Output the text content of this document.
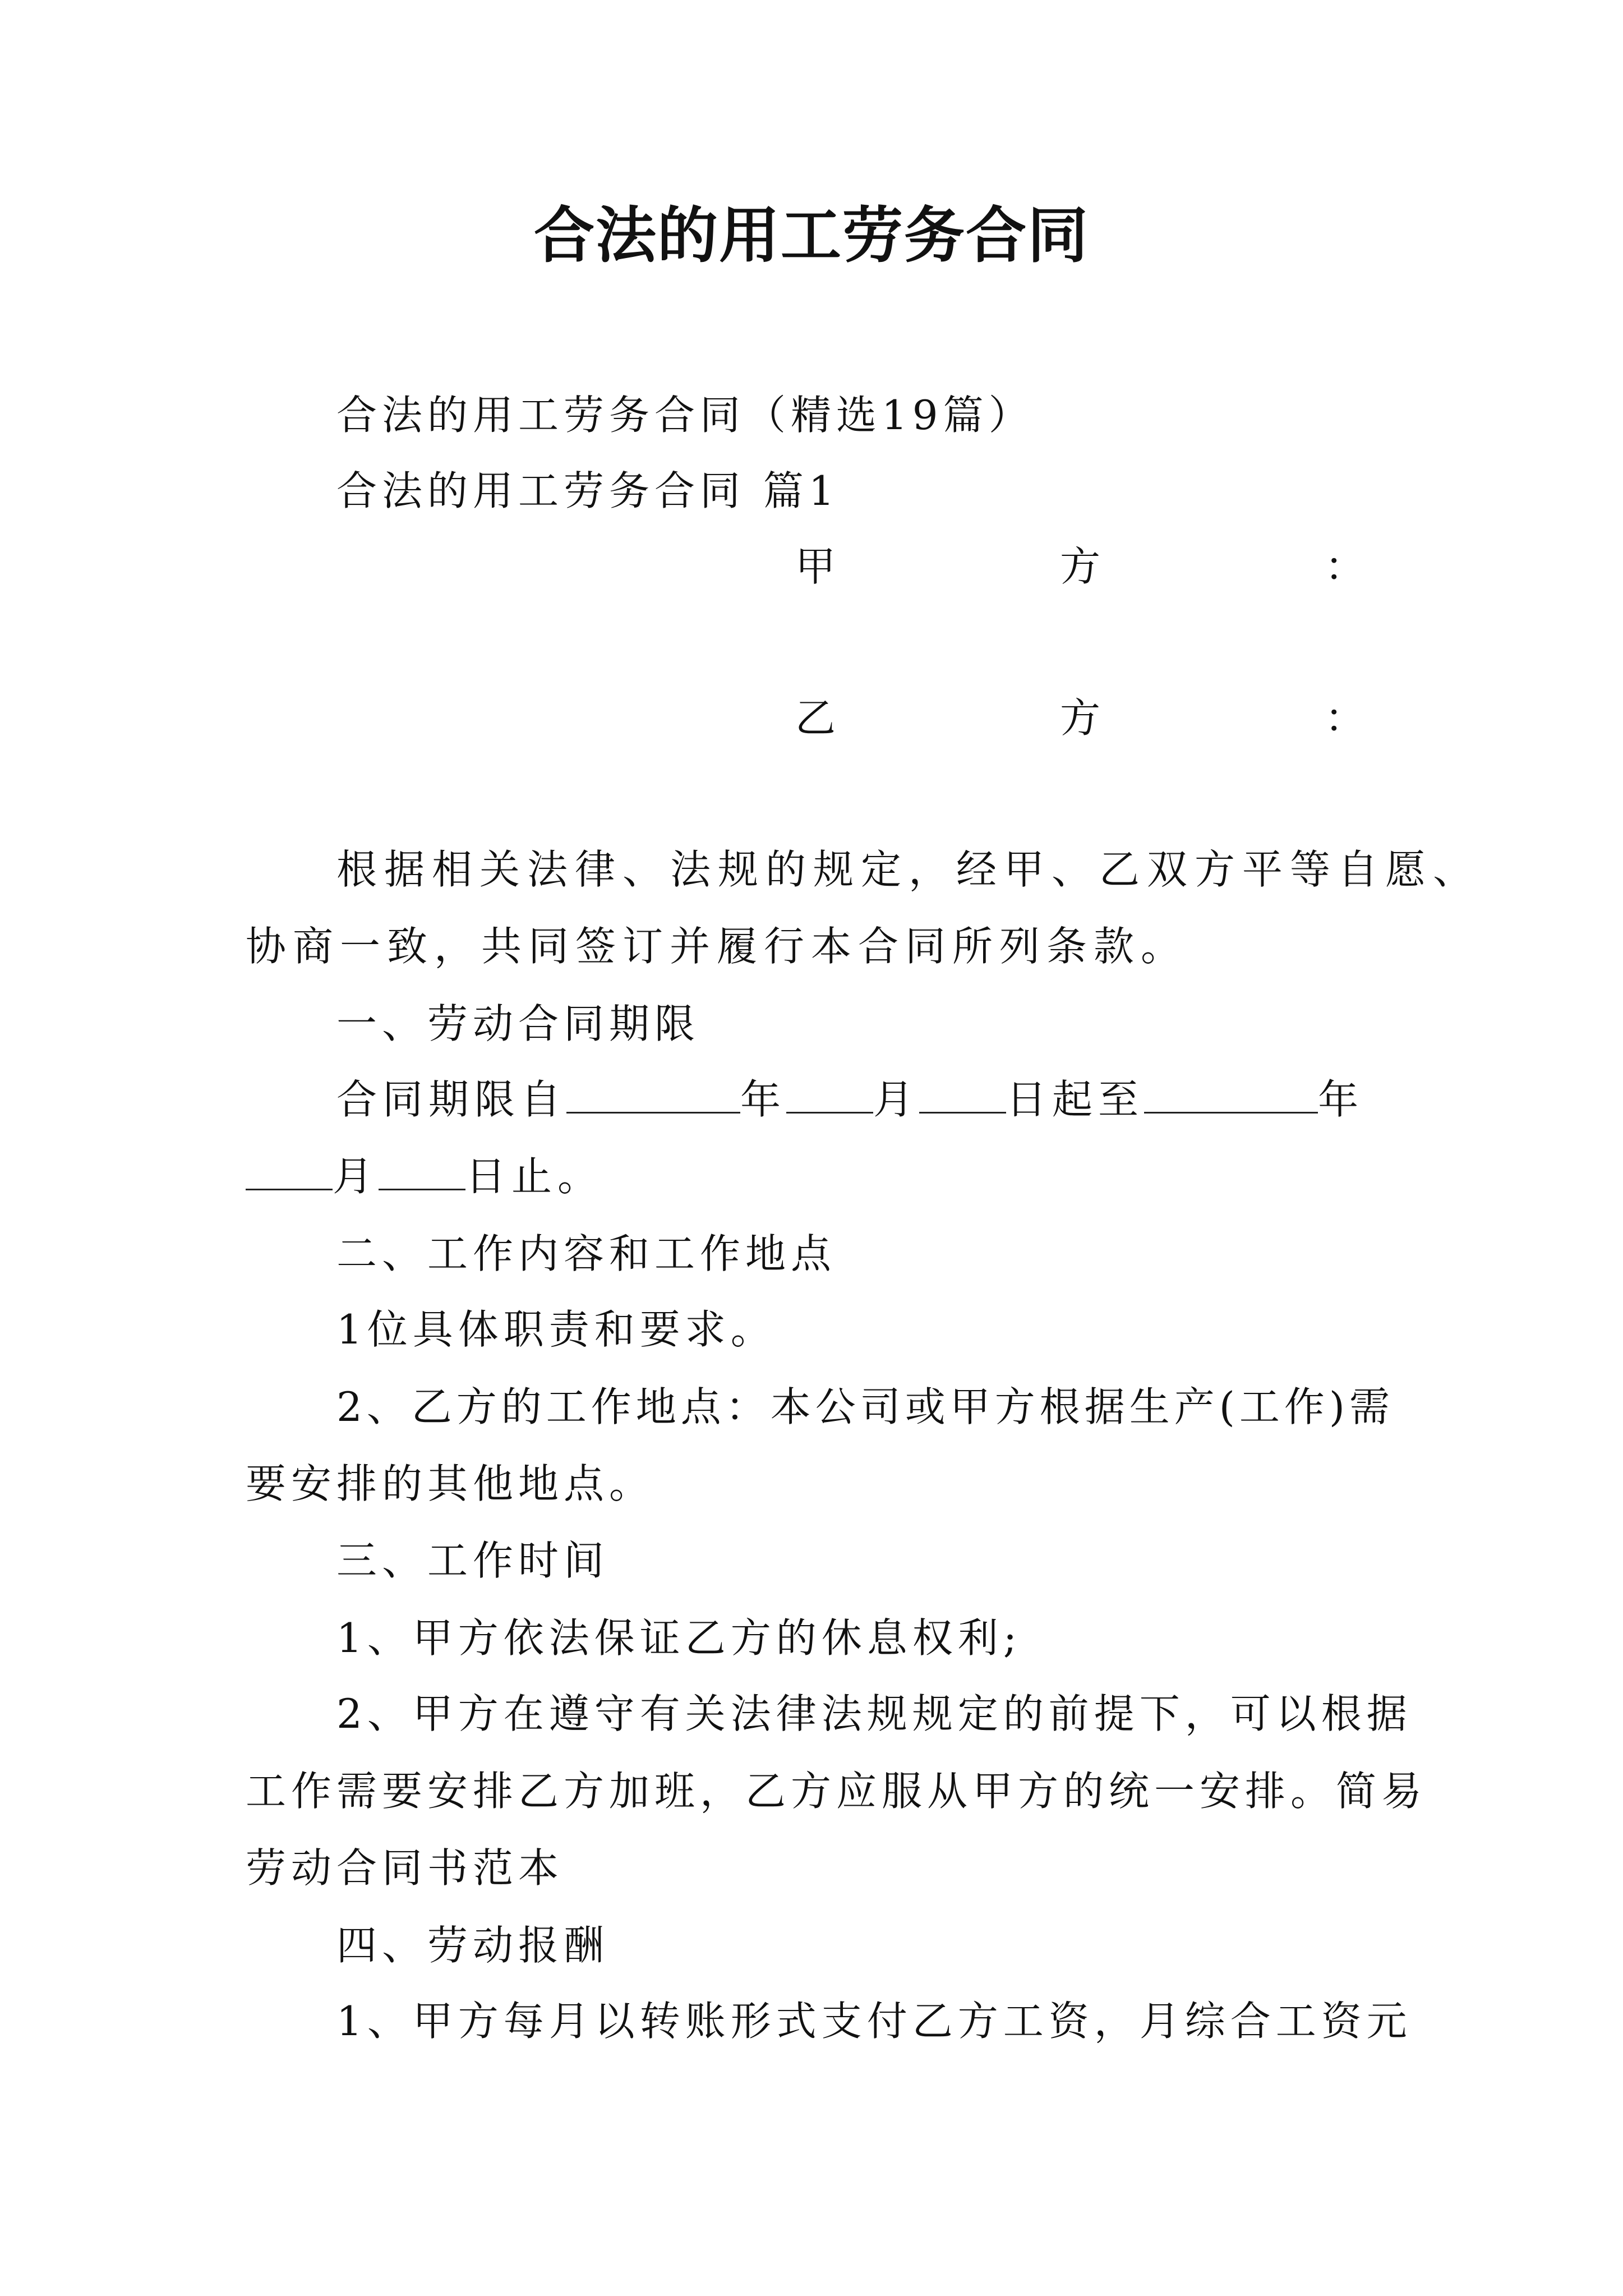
合法的用工劳务合同
合法的用工劳务合同（精选19篇）
合法的用工劳务合同 篇1
甲	方	：
乙	方	：
根据相关法律、法规的规定，经甲、乙双方平等自愿、
协商一致，共同签订并履行本合同所列条款。
一、劳动合同期限
合同期限自	年 月 日起至	年
月 日止。
二、工作内容和工作地点
1位具体职责和要求。
2、乙方的工作地点：本公司或甲方根据生产(工作)需
要安排的其他地点。
三、工作时间
1、甲方依法保证乙方的休息权利;
2、甲方在遵守有关法律法规规定的前提下，可以根据
工作需要安排乙方加班，乙方应服从甲方的统一安排。简易
劳动合同书范本
四、劳动报酬
1、甲方每月以转账形式支付乙方工资，月综合工资元
